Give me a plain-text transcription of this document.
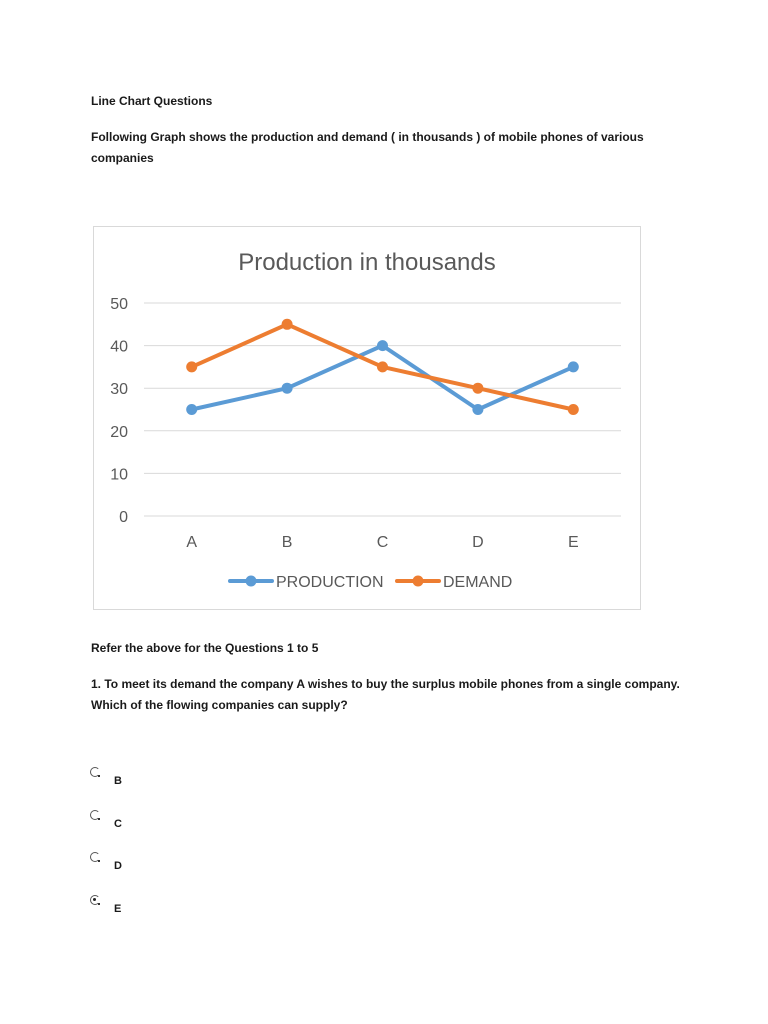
Line Chart Questions
Following Graph shows the production and demand ( in thousands ) of mobile phones of various companies
Production in thousands
0
10
20
30
40
50
A	B	C	D	E
PRODUCTION	DEMAND
Refer the above for the Questions 1 to 5
1. To meet its demand the company A wishes to buy the surplus mobile phones from a single company. Which of the flowing companies can supply?
B
C
D
E
